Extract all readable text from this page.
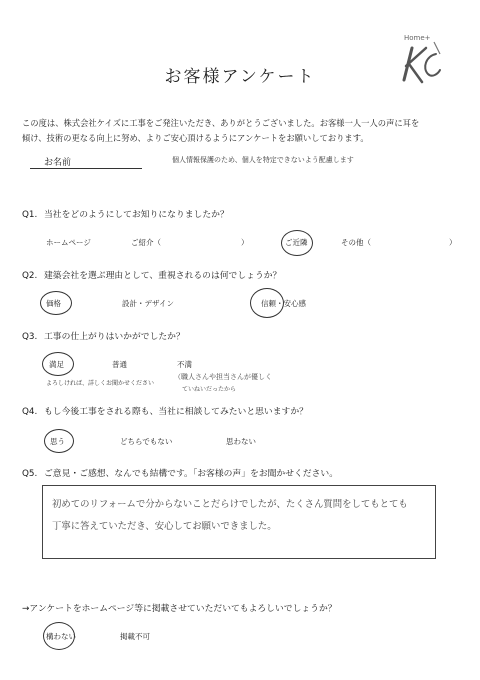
お客様アンケート
Home+
この度は、株式会社ケイズに工事をご発注いただき、ありがとうございました。お客様一人一人の声に耳を
傾け、技術の更なる向上に努め、よりご安心頂けるようにアンケートをお願いしております。
お名前	個人情報保護のため、個人を特定できないよう配慮します
Q1. 当社をどのようにしてお知りになりましたか？
ホームページ	ご紹介（	）	ご近隣	その他（	）
Q2. 建築会社を選ぶ理由として、重視されるのは何でしょうか？
価格	設計・デザイン	信頼・安心感
Q3. 工事の仕上がりはいかがでしたか？
満足	普通	不満
よろしければ、詳しくお聞かせください
（職人さんや担当さんが優しく
ていねいだったから
Q4. もし今後工事をされる際も、当社に相談してみたいと思いますか？
思う	どちらでもない	思わない
Q5. ご意見・ご感想、なんでも結構です。「お客様の声」をお聞かせください。
初めてのリフォームで分からないことだらけでしたが、たくさん質問をしてもとても
丁寧に答えていただき、安心してお願いできました。
→アンケートをホームページ等に掲載させていただいてもよろしいでしょうか？
構わない	掲載不可
